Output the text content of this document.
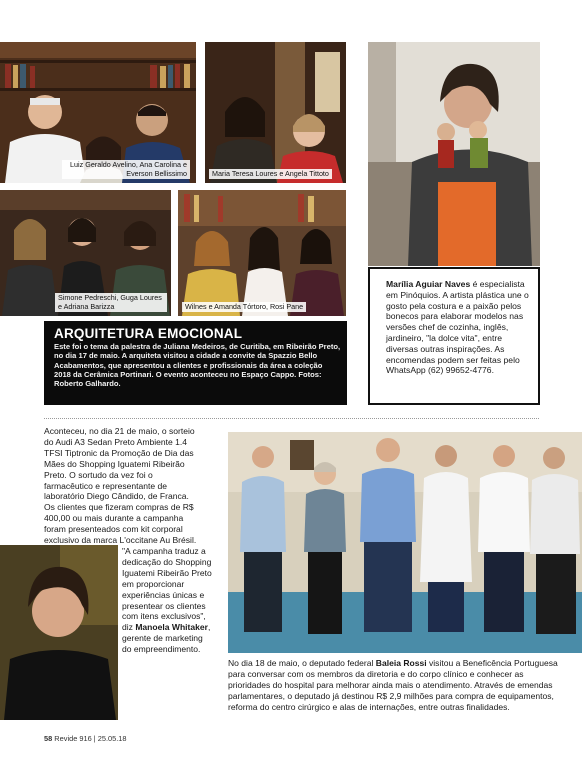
Luiz Geraldo Avelino, Ana Carolina e Everson Bellissimo	Maria Teresa Loures e Angela Tittoto
Simone Pedreschi, Guga Loures e Adriana Barizza	Wilnes e Amanda Tórtoro, Rosi Pane
ARQUITETURA EMOCIONAL

Este foi o tema da palestra de Juliana Medeiros, de Curitiba, em Ribeirão Preto, no dia 17 de maio. A arquiteta visitou a cidade a convite da Spazzio Bello Acabamentos, que apresentou a clientes e profissionais da área a coleção 2018 da Cerâmica Portinari. O evento aconteceu no Espaço Cappo. Fotos: Roberto Galhardo.

Marília Aguiar Naves é especialista em Pinóquios. A artista plástica une o gosto pela costura e a paixão pelos bonecos para elaborar modelos nas versões chef de cozinha, inglês, jardineiro, "la dolce vita", entre diversas outras inspirações. As encomendas podem ser feitas pelo WhatsApp (62) 99652-4776.
Aconteceu, no dia 21 de maio, o sorteio do Audi A3 Sedan Preto Ambiente 1.4 TFSI Tiptronic da Promoção de Dia das Mães do Shopping Iguatemi Ribeirão Preto. O sortudo da vez foi o farmacêutico e representante de laboratório Diego Cândido, de Franca. Os clientes que fizeram compras de R$ 400,00 ou mais durante a campanha foram presenteados com kit corporal exclusivo da marca L'occitane Au Brésil.
"A campanha traduz a dedicação do Shopping Iguatemi Ribeirão Preto em proporcionar experiências únicas e presentear os clientes com itens exclusivos", diz Manoela Whitaker, gerente de marketing do empreendimento.
No dia 18 de maio, o deputado federal Baleia Rossi visitou a Beneficência Portuguesa para conversar com os membros da diretoria e do corpo clínico e conhecer as prioridades do hospital para melhorar ainda mais o atendimento. Através de emendas parlamentares, o deputado já destinou R$ 2,9 milhões para compra de equipamentos, reforma do centro cirúrgico e alas de internações, entre outras finalidades.
58 Revide 916 | 25.05.18
